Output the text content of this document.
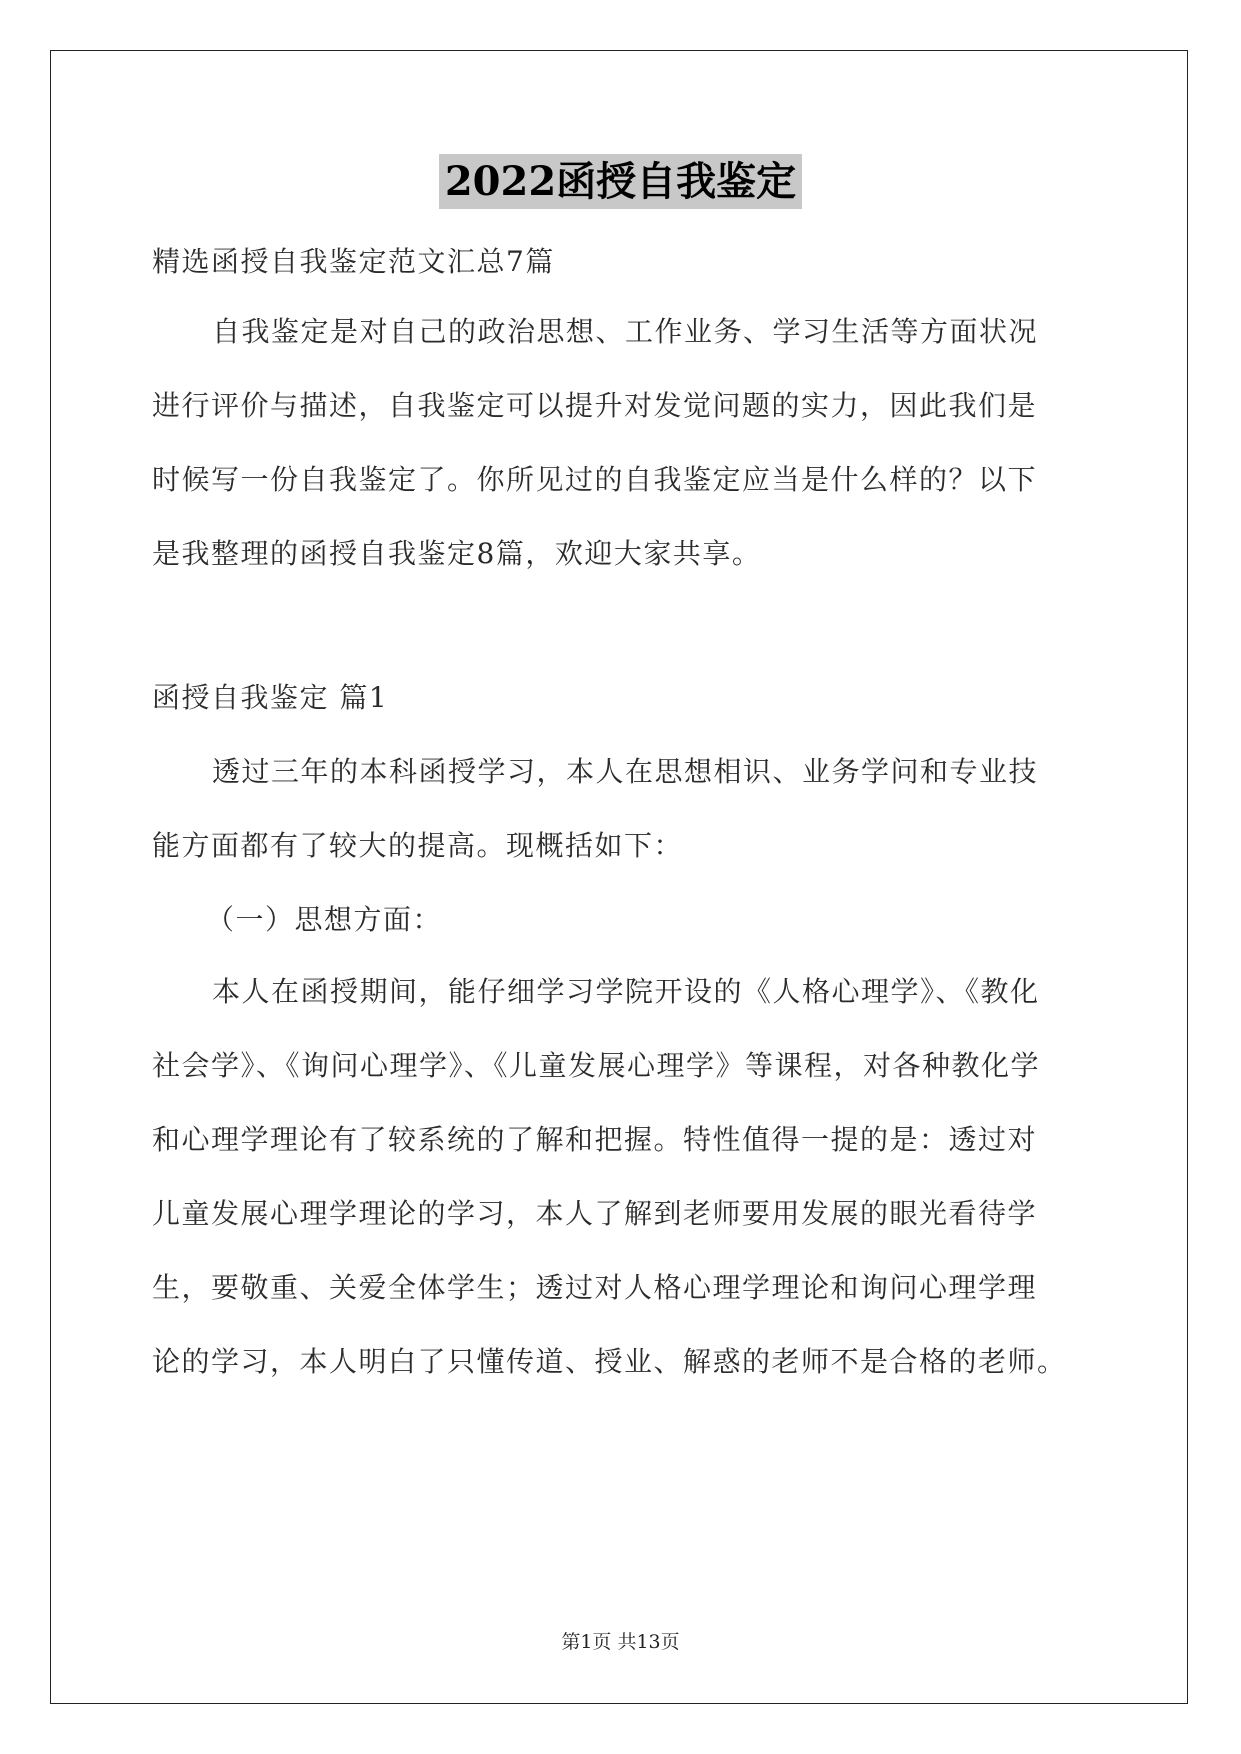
2022函授自我鉴定
精选函授自我鉴定范文汇总7篇
自我鉴定是对自己的政治思想、工作业务、学习生活等方面状况
进行评价与描述，自我鉴定可以提升对发觉问题的实力，因此我们是
时候写一份自我鉴定了。你所见过的自我鉴定应当是什么样的？以下
是我整理的函授自我鉴定8篇，欢迎大家共享。
函授自我鉴定 篇1
透过三年的本科函授学习，本人在思想相识、业务学问和专业技
能方面都有了较大的提高。现概括如下：
（一）思想方面：
本人在函授期间，能仔细学习学院开设的《人格心理学》、《教化
社会学》、《询问心理学》、《儿童发展心理学》等课程，对各种教化学
和心理学理论有了较系统的了解和把握。特性值得一提的是：透过对
儿童发展心理学理论的学习，本人了解到老师要用发展的眼光看待学
生，要敬重、关爱全体学生；透过对人格心理学理论和询问心理学理
论的学习，本人明白了只懂传道、授业、解惑的老师不是合格的老师。
第1页 共13页
